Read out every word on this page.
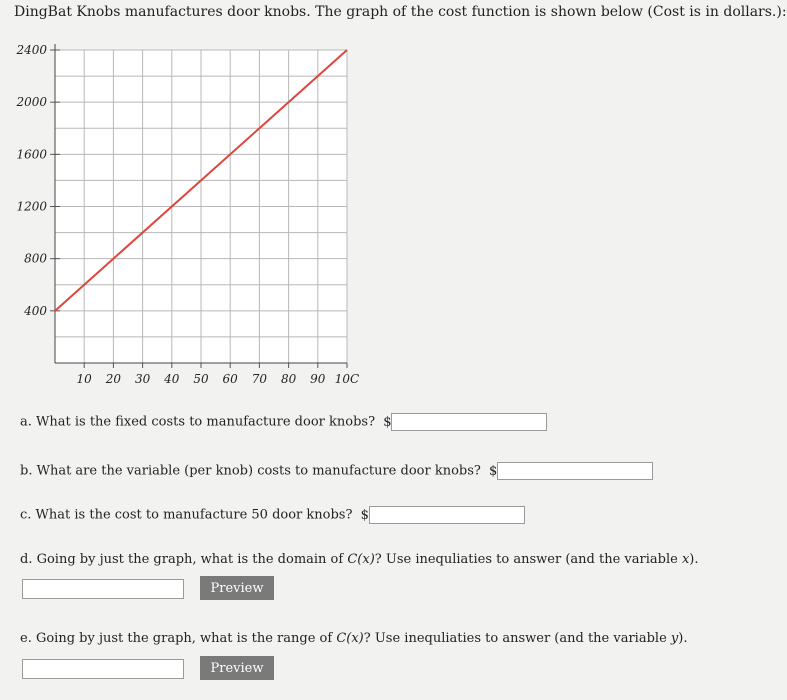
DingBat Knobs manufactures door knobs. The graph of the cost function is shown below (Cost is in dollars.):
10 20 30 40 50 60 70 80 90 10C
400
800
1200
1600
2000
2400
a. What is the fixed costs to manufacture door knobs? $
b. What are the variable (per knob) costs to manufacture door knobs? $
c. What is the cost to manufacture 50 door knobs? $
d. Going by just the graph, what is the domain of C(x)? Use inequliaties to answer (and the variable x).
Preview
e. Going by just the graph, what is the range of C(x)? Use inequliaties to answer (and the variable y).
Preview
